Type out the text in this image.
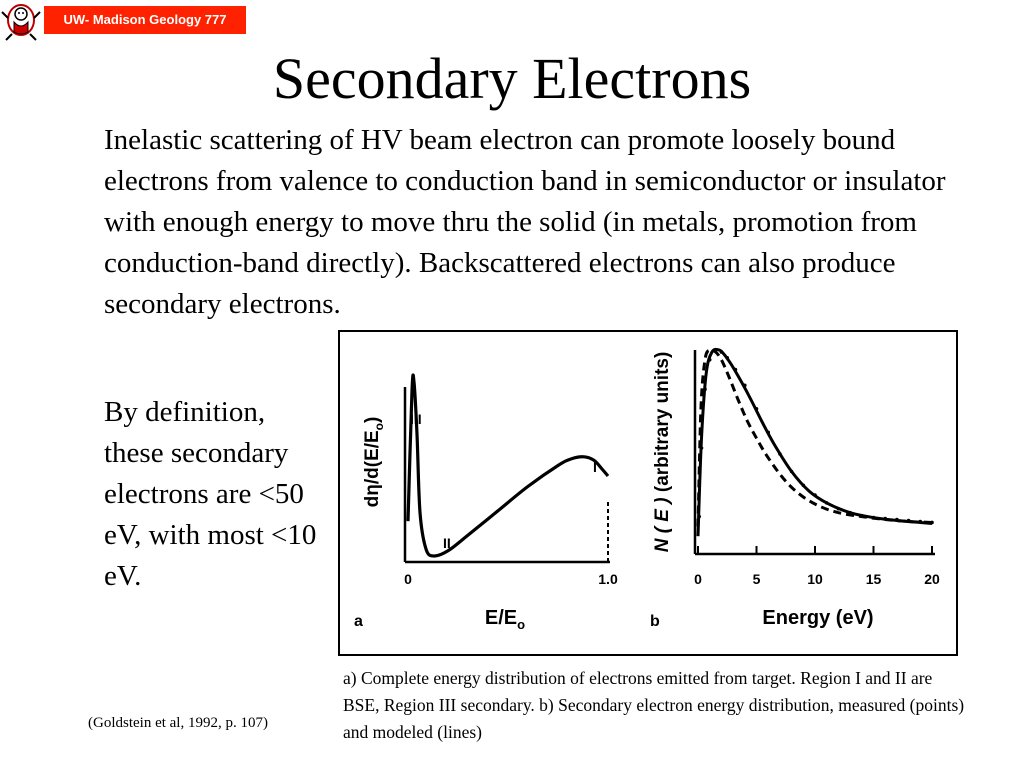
UW- Madison Geology 777
Secondary Electrons

Inelastic scattering of HV beam electron can promote loosely bound electrons from valence to conduction band in semiconductor or insulator with enough energy to move thru the solid (in metals, promotion from conduction-band directly). Backscattered electrons can also produce secondary electrons.

By definition, these secondary electrons are <50 eV, with most <10 eV.	0	1.0
III
II
I
$E/E_o$
$d\eta/d(E/E_o)$
a
0	5	10	15	20
Energy (eV)
N ( E ) (arbitrary units)
b

a) Complete energy distribution of electrons emitted from target. Region I and II are BSE, Region III secondary. b) Secondary electron energy distribution, measured (points) and modeled (lines)

(Goldstein et al, 1992, p. 107)
